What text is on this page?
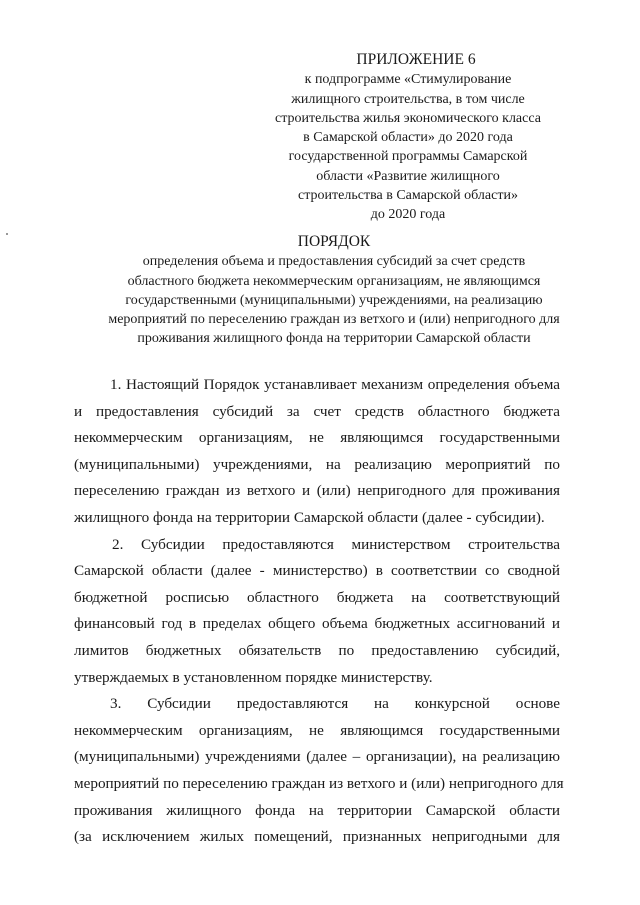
ПРИЛОЖЕНИЕ 6
к подпрограмме «Стимулирование
жилищного строительства, в том числе
строительства жилья экономического класса
в Самарской области» до 2020 года
государственной программы Самарской
области «Развитие жилищного
строительства в Самарской области»
до 2020 года
ПОРЯДОК
определения объема и предоставления субсидий за счет средств
областного бюджета некоммерческим организациям, не являющимся
государственными (муниципальными) учреждениями, на реализацию
мероприятий по переселению граждан из ветхого и (или) непригодного для
проживания жилищного фонда на территории Самарской области
1. Настоящий Порядок устанавливает механизм определения объема
и предоставления субсидий за счет средств областного бюджета
некоммерческим организациям, не являющимся государственными
(муниципальными) учреждениями, на реализацию мероприятий по
переселению граждан из ветхого и (или) непригодного для проживания
жилищного фонда на территории Самарской области (далее - субсидии).
2. Субсидии предоставляются министерством строительства
Самарской области (далее - министерство) в соответствии со сводной
бюджетной росписью областного бюджета на соответствующий
финансовый год в пределах общего объема бюджетных ассигнований и
лимитов бюджетных обязательств по предоставлению субсидий,
утверждаемых в установленном порядке министерству.
3. Субсидии предоставляются на конкурсной основе
некоммерческим организациям, не являющимся государственными
(муниципальными) учреждениями (далее – организации), на реализацию
мероприятий по переселению граждан из ветхого и (или) непригодного для
проживания жилищного фонда на территории Самарской области
(за исключением жилых помещений, признанных непригодными для
